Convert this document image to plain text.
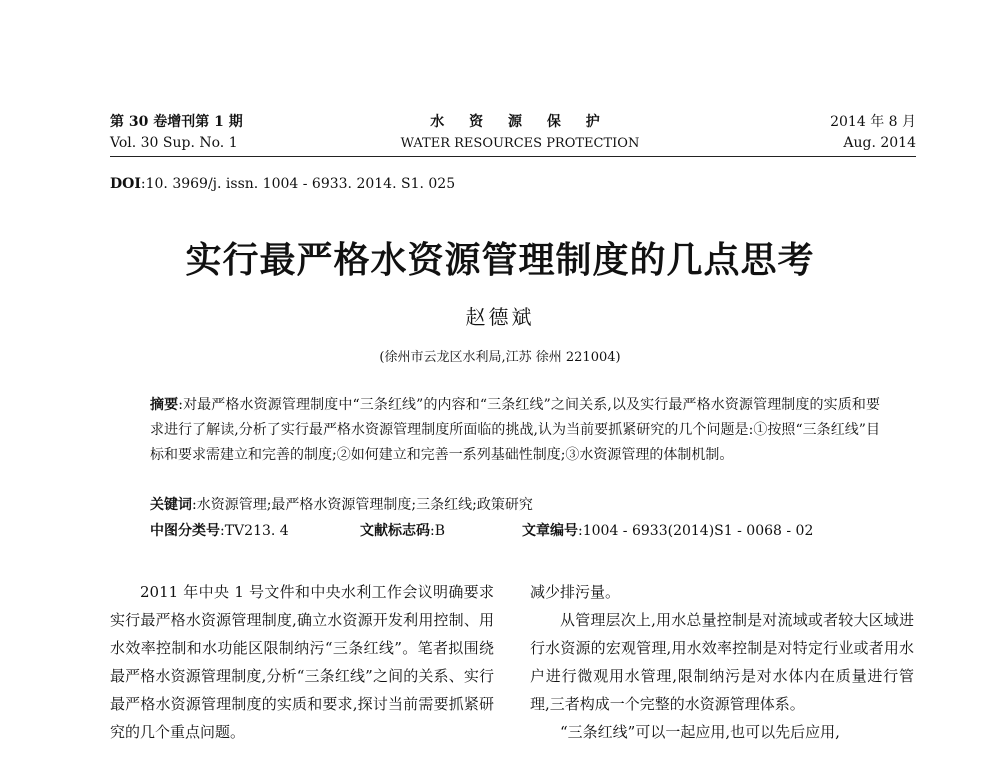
第 30 卷增刊第 1 期
Vol. 30 Sup. No. 1
水 资 源 保 护
WATER RESOURCES PROTECTION
2014 年 8 月
Aug. 2014
DOI:10. 3969/j. issn. 1004 - 6933. 2014. S1. 025
实行最严格水资源管理制度的几点思考
赵德斌
(徐州市云龙区水利局,江苏 徐州 221004)
摘要:对最严格水资源管理制度中“三条红线”的内容和“三条红线”之间关系,以及实行最严格水资源管理制度的实质和要求进行了解读,分析了实行最严格水资源管理制度所面临的挑战,认为当前要抓紧研究的几个问题是:①按照“三条红线”目标和要求需建立和完善的制度;②如何建立和完善一系列基础性制度;③水资源管理的体制机制。
关键词:水资源管理;最严格水资源管理制度;三条红线;政策研究
中图分类号:TV213. 4	文献标志码:B	文章编号:1004 - 6933(2014)S1 - 0068 - 02

2011 年中央 1 号文件和中央水利工作会议明确要求实行最严格水资源管理制度,确立水资源开发利用控制、用水效率控制和水功能区限制纳污“三条红线”。笔者拟围绕最严格水资源管理制度,分析“三条红线”之间的关系、实行最严格水资源管理制度的实质和要求,探讨当前需要抓紧研究的几个重点问题。

减少排污量。

从管理层次上,用水总量控制是对流域或者较大区域进行水资源的宏观管理,用水效率控制是对特定行业或者用水户进行微观用水管理,限制纳污是对水体内在质量进行管理,三者构成一个完整的水资源管理体系。

“三条红线”可以一起应用,也可以先后应用,
